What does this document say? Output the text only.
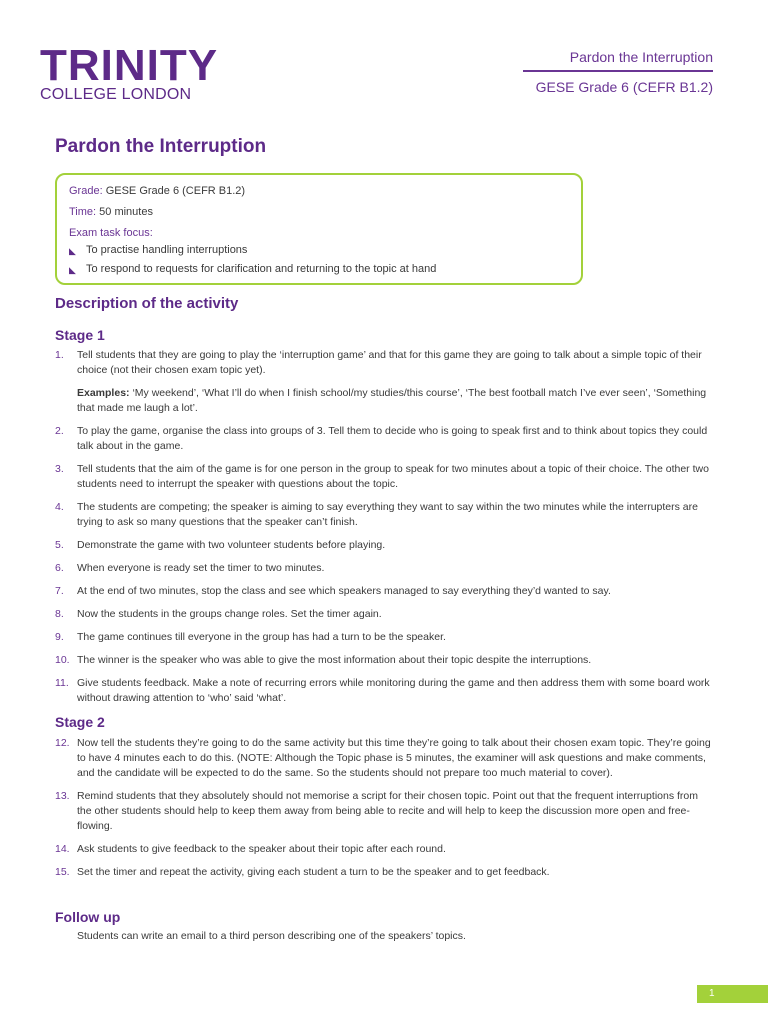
TRINITY
COLLEGE LONDON
Pardon the Interruption
GESE Grade 6 (CEFR B1.2)
Pardon the Interruption
Grade: GESE Grade 6 (CEFR B1.2)
Time: 50 minutes
Exam task focus:
◣ To practise handling interruptions
◣ To respond to requests for clarification and returning to the topic at hand
Description of the activity
Stage 1
1.	Tell students that they are going to play the ‘interruption game’ and that for this game they are going to talk about a simple topic of their choice (not their chosen exam topic yet).
Examples: ‘My weekend’, ‘What I’ll do when I finish school/my studies/this course’, ‘The best football match I’ve ever seen’, ‘Something that made me laugh a lot’.
2.	To play the game, organise the class into groups of 3. Tell them to decide who is going to speak first and to think about topics they could talk about in the game.
3.	Tell students that the aim of the game is for one person in the group to speak for two minutes about a topic of their choice. The other two students need to interrupt the speaker with questions about the topic.
4.	The students are competing; the speaker is aiming to say everything they want to say within the two minutes while the interrupters are trying to ask so many questions that the speaker can’t finish.
5.	Demonstrate the game with two volunteer students before playing.
6.	When everyone is ready set the timer to two minutes.
7.	At the end of two minutes, stop the class and see which speakers managed to say everything they’d wanted to say.
8.	Now the students in the groups change roles. Set the timer again.
9.	The game continues till everyone in the group has had a turn to be the speaker.
10. The winner is the speaker who was able to give the most information about their topic despite the interruptions.
11. Give students feedback. Make a note of recurring errors while monitoring during the game and then address them with some board work without drawing attention to ‘who’ said ‘what’.
Stage 2
12. Now tell the students they’re going to do the same activity but this time they’re going to talk about their chosen exam topic. They’re going to have 4 minutes each to do this. (NOTE: Although the Topic phase is 5 minutes, the examiner will ask questions and make comments, and the candidate will be expected to do the same. So the students should not prepare too much material to cover).
13. Remind students that they absolutely should not memorise a script for their chosen topic. Point out that the frequent interruptions from the other students should help to keep them away from being able to recite and will help to keep the discussion more open and free-flowing.
14. Ask students to give feedback to the speaker about their topic after each round.
15. Set the timer and repeat the activity, giving each student a turn to be the speaker and to get feedback.
Follow up
Students can write an email to a third person describing one of the speakers’ topics.
1
